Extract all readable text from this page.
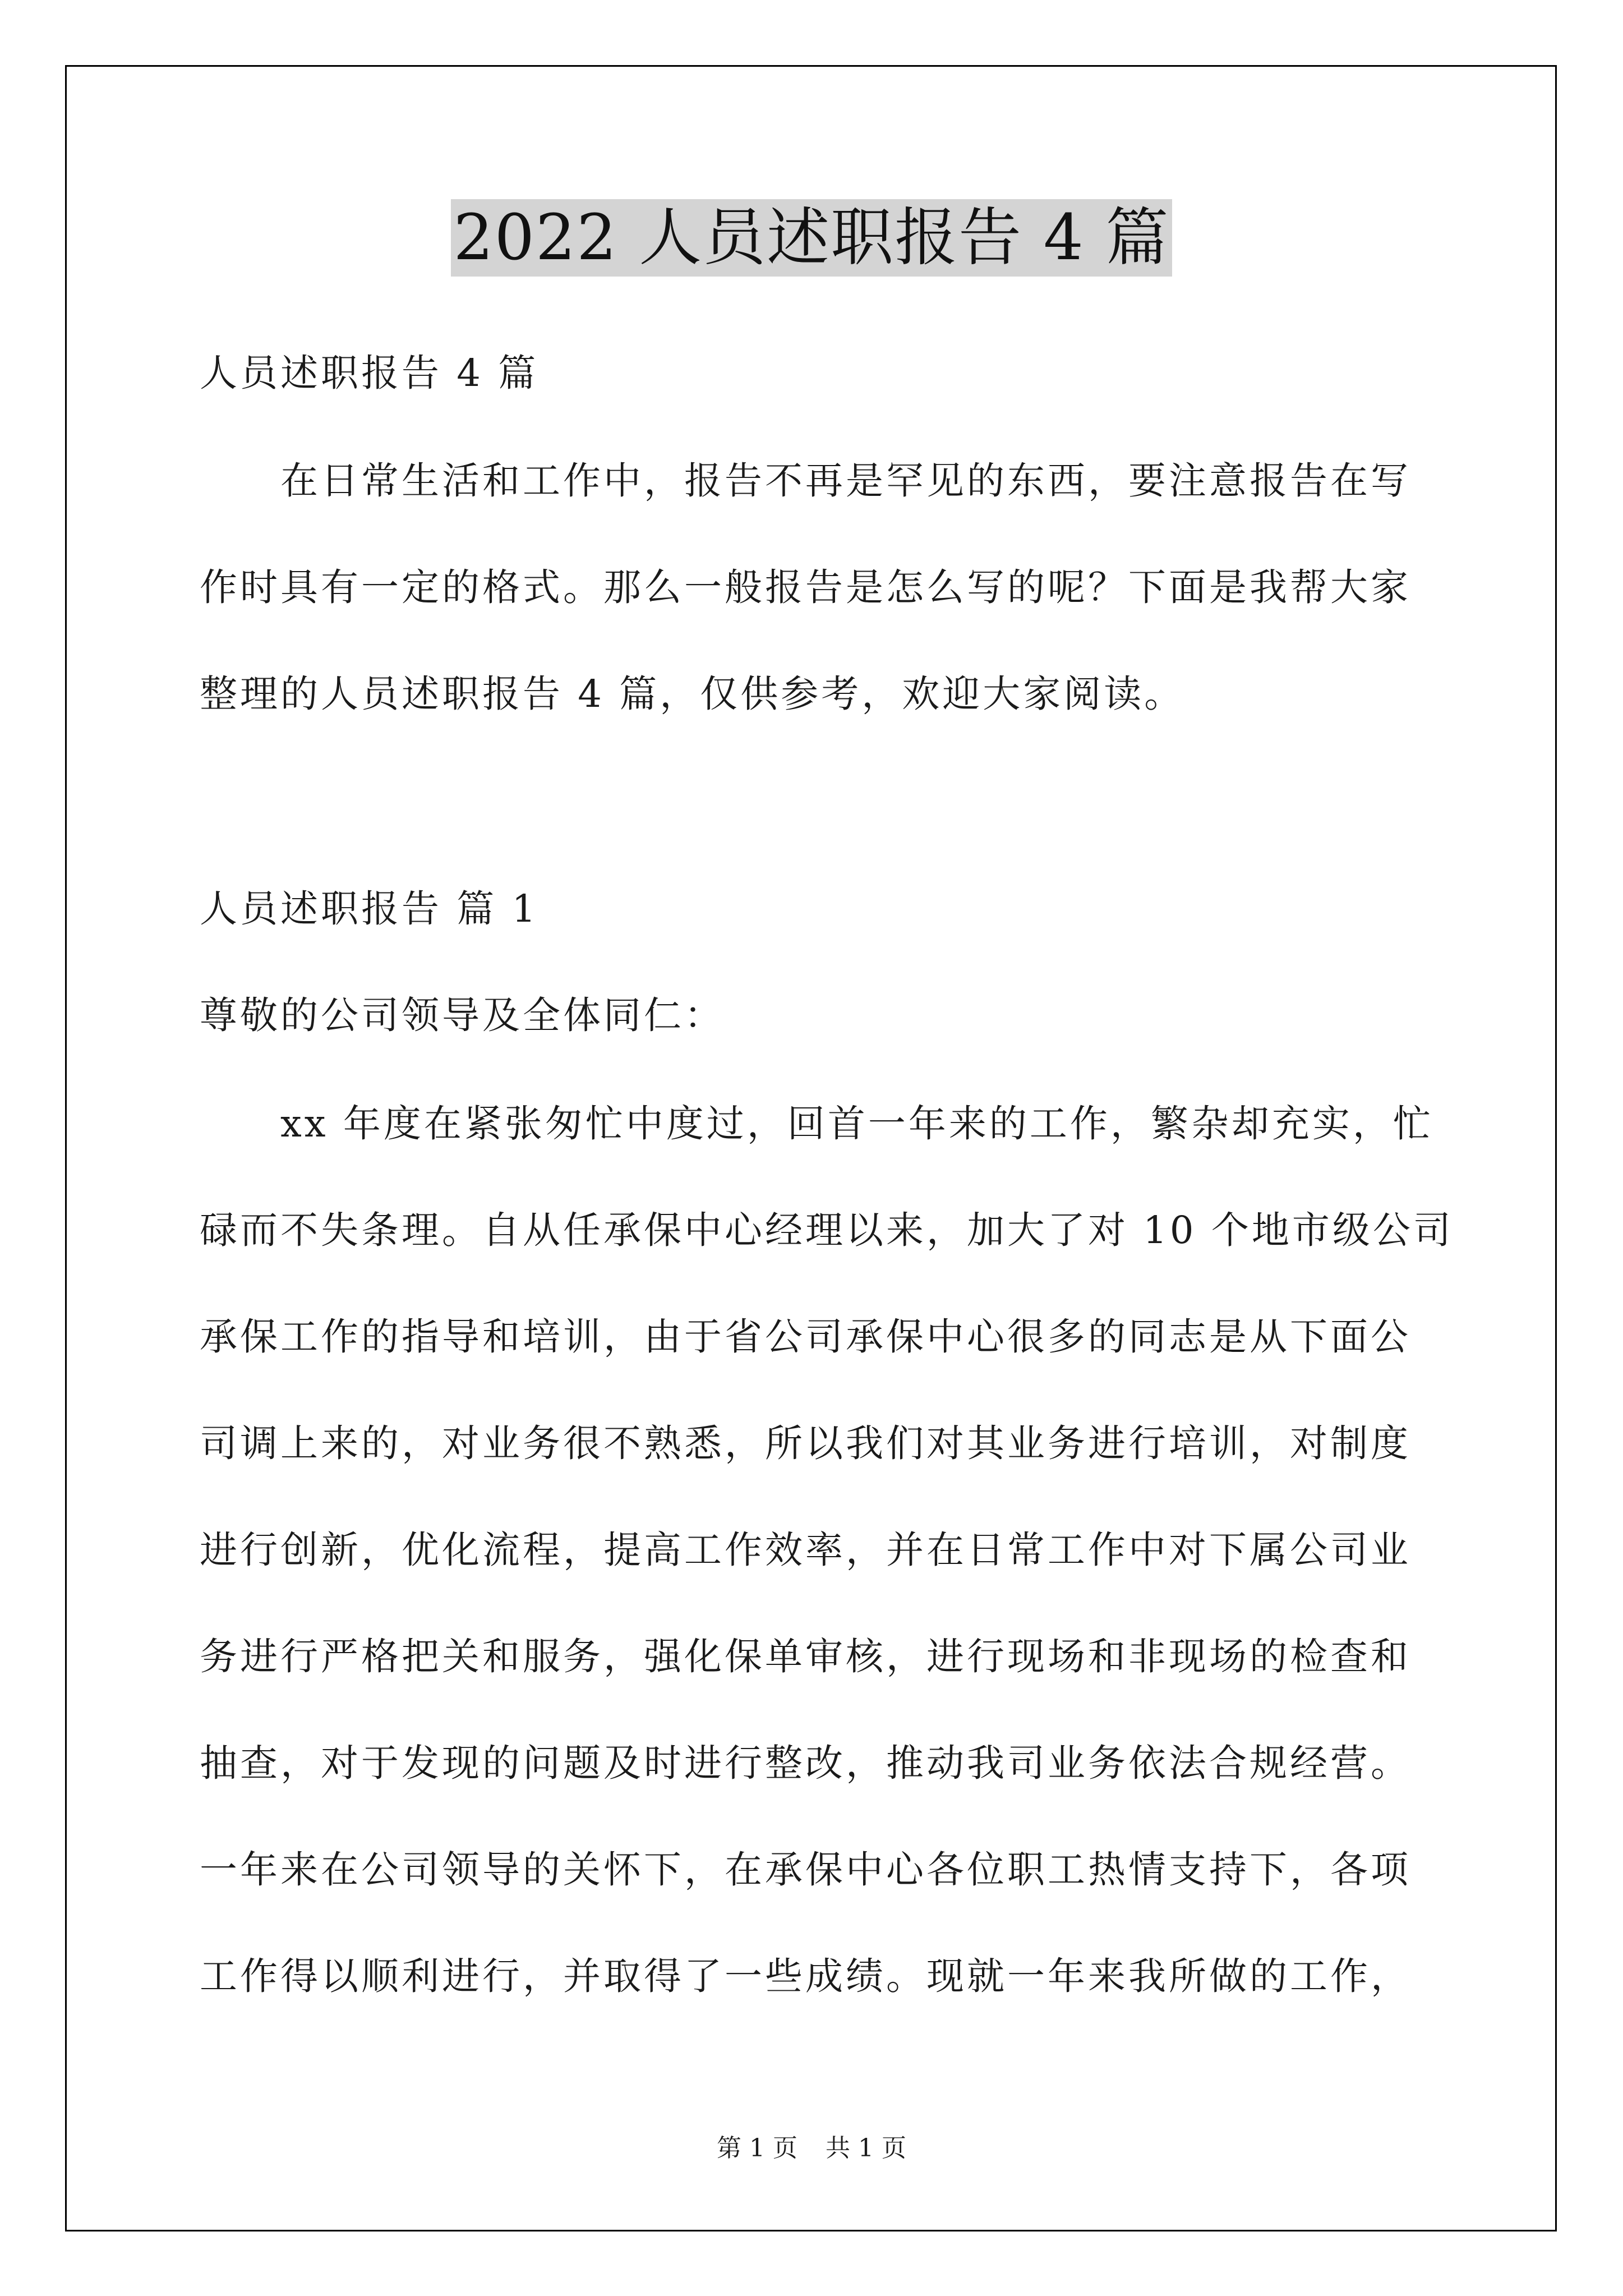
2022 人员述职报告 4 篇
人员述职报告 4 篇
在日常生活和工作中，报告不再是罕见的东西，要注意报告在写
作时具有一定的格式。那么一般报告是怎么写的呢？下面是我帮大家
整理的人员述职报告 4 篇，仅供参考，欢迎大家阅读。
人员述职报告 篇 1
尊敬的公司领导及全体同仁：
xx 年度在紧张匆忙中度过，回首一年来的工作，繁杂却充实，忙
碌而不失条理。自从任承保中心经理以来，加大了对 10 个地市级公司
承保工作的指导和培训，由于省公司承保中心很多的同志是从下面公
司调上来的，对业务很不熟悉，所以我们对其业务进行培训，对制度
进行创新，优化流程，提高工作效率，并在日常工作中对下属公司业
务进行严格把关和服务，强化保单审核，进行现场和非现场的检查和
抽查，对于发现的问题及时进行整改，推动我司业务依法合规经营。
一年来在公司领导的关怀下，在承保中心各位职工热情支持下，各项
工作得以顺利进行，并取得了一些成绩。现就一年来我所做的工作，
第 1 页 共 1 页
